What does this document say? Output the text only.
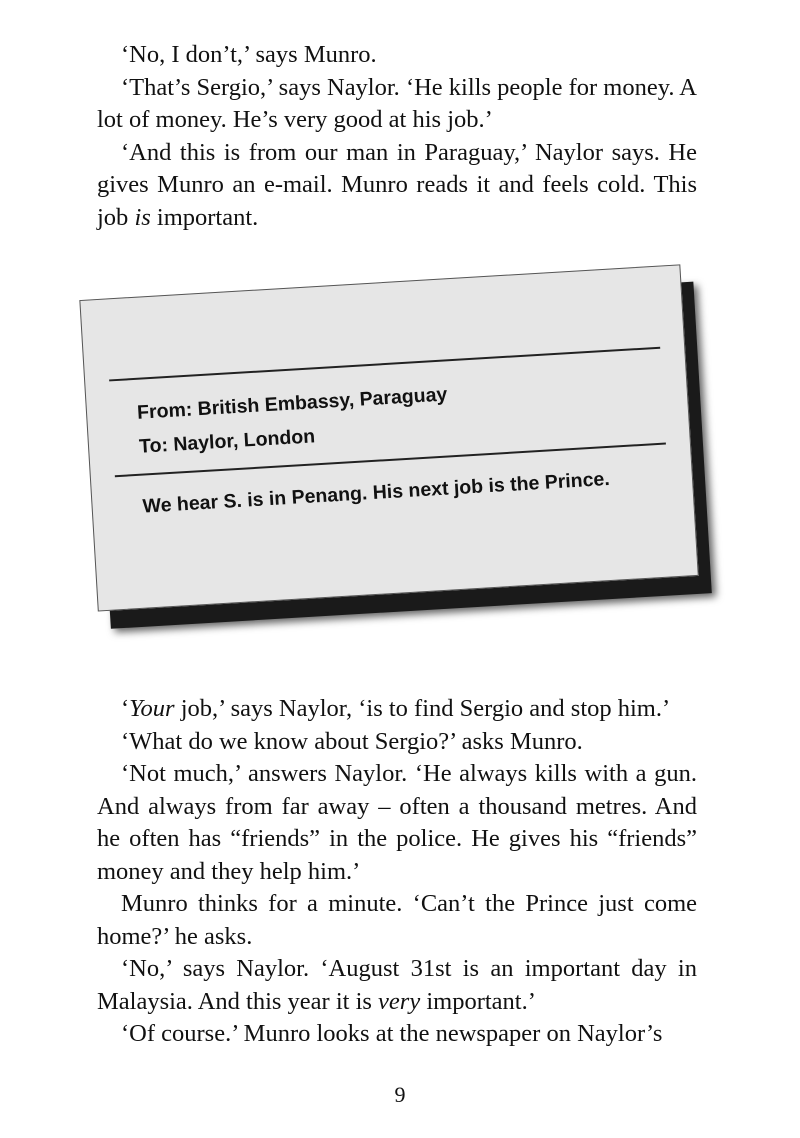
‘No, I don’t,’ says Munro.

‘That’s Sergio,’ says Naylor. ‘He kills people for money. A lot of money. He’s very good at his job.’

‘And this is from our man in Paraguay,’ Naylor says. He gives Munro an e-mail. Munro reads it and feels cold. This job is important.

From: British Embassy, Paraguay
To: Naylor, London
We hear S. is in Penang. His next job is the Prince.

‘Your job,’ says Naylor, ‘is to find Sergio and stop him.’

‘What do we know about Sergio?’ asks Munro.

‘Not much,’ answers Naylor. ‘He always kills with a gun. And always from far away – often a thousand metres. And he often has “friends” in the police. He gives his “friends” money and they help him.’

Munro thinks for a minute. ‘Can’t the Prince just come home?’ he asks.

‘No,’ says Naylor. ‘August 31st is an important day in Malaysia. And this year it is very important.’

‘Of course.’ Munro looks at the newspaper on Naylor’s

9
